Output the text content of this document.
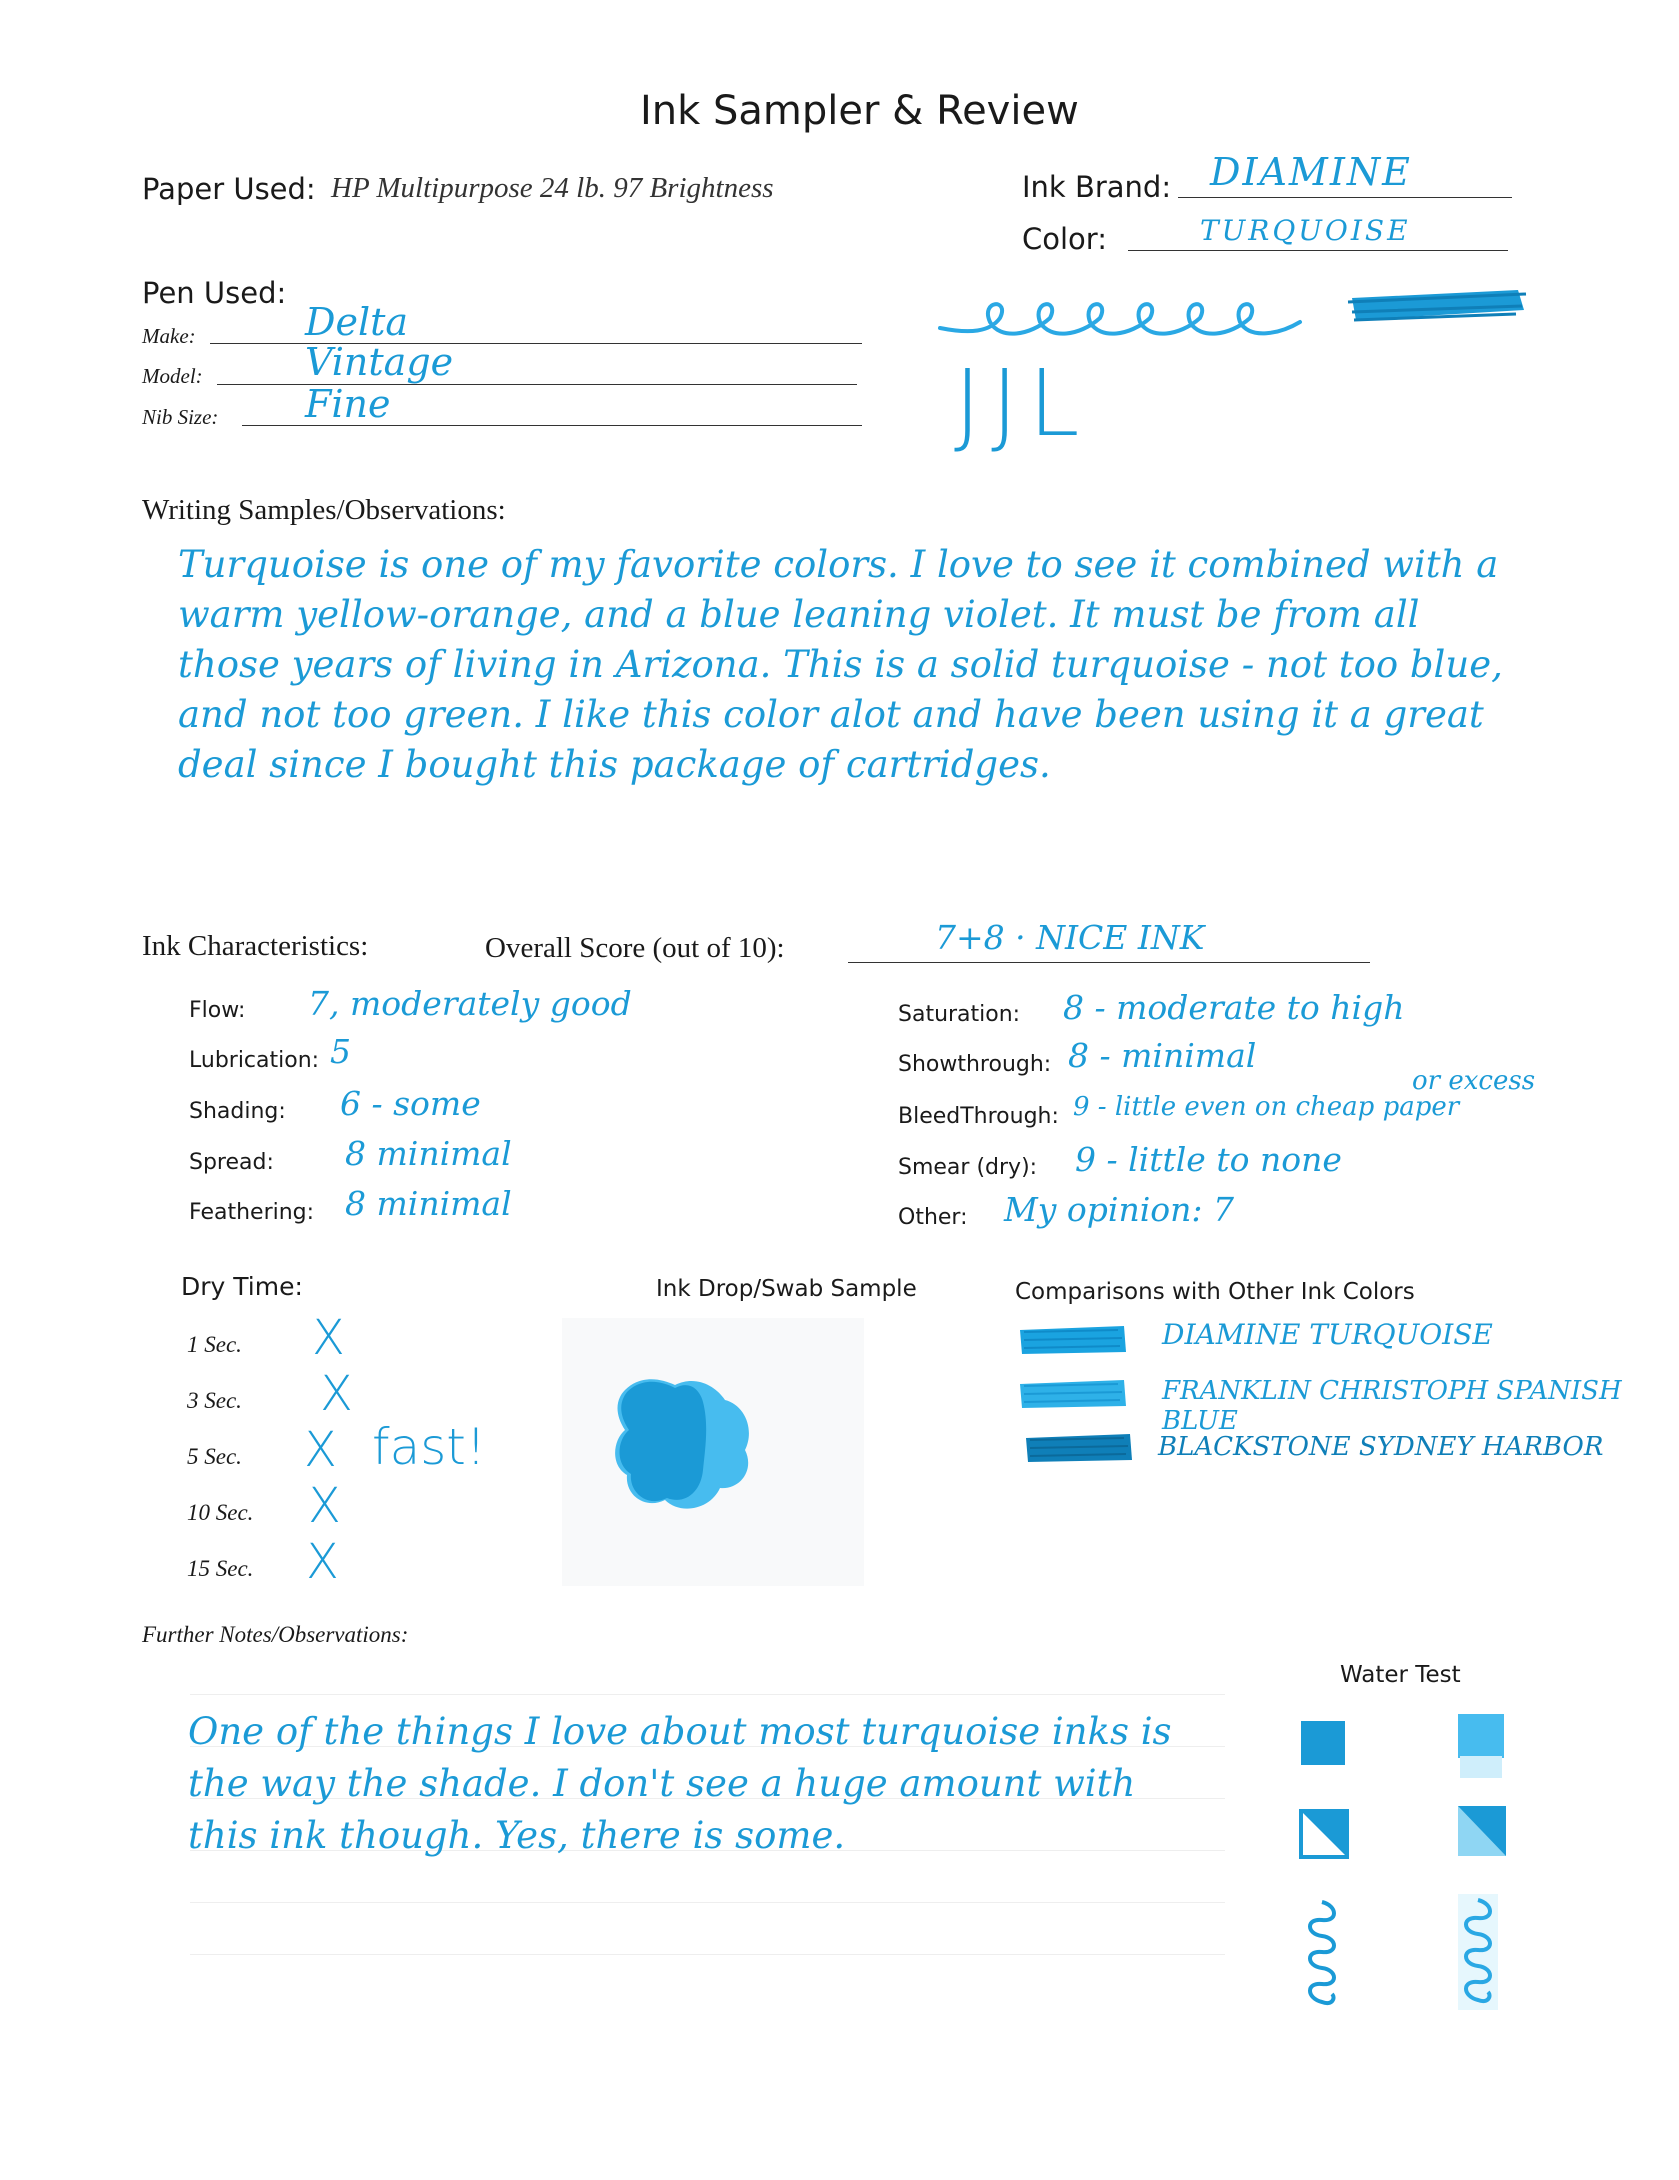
Ink Sampler & Review
Paper Used: HP Multipurpose 24 lb. 97 Brightness	Ink Brand: DIAMINE
Color:	TURQUOISE
Pen Used:
Make:	Delta
Model:	Vintage
Nib Size: Fine	JJL
Writing Samples/Observations:
Turquoise is one of my favorite colors. I love to see it combined with a warm yellow-orange, and a blue leaning violet. It must be from all those years of living in Arizona. This is a solid turquoise - not too blue, and not too green. I like this color alot and have been using it a great deal since I bought this package of cartridges.
Ink Characteristics:	Overall Score (out of 10):	7+8 · NICE INK
Flow: 7, moderately good
Lubrication: 5
Shading: 6 - some
Spread: 8 minimal
Feathering: 8 minimal
Saturation: 8 - moderate to high
Showthrough: 8 - minimal
or excess
BleedThrough: 9 - little even on cheap paper
Smear (dry): 9 - little to none
Other: My opinion: 7
Dry Time:
1 Sec. X
3 Sec. X
5 Sec. X fast!
10 Sec. X
15 Sec. X
Ink Drop/Swab Sample	Comparisons with Other Ink Colors
DIAMINE TURQUOISE
FRANKLIN CHRISTOPH SPANISH BLUE
BLACKSTONE SYDNEY HARBOR
Further Notes/Observations:
One of the things I love about most turquoise inks is the way the shade. I don't see a huge amount with this ink though. Yes, there is some.
Water Test
